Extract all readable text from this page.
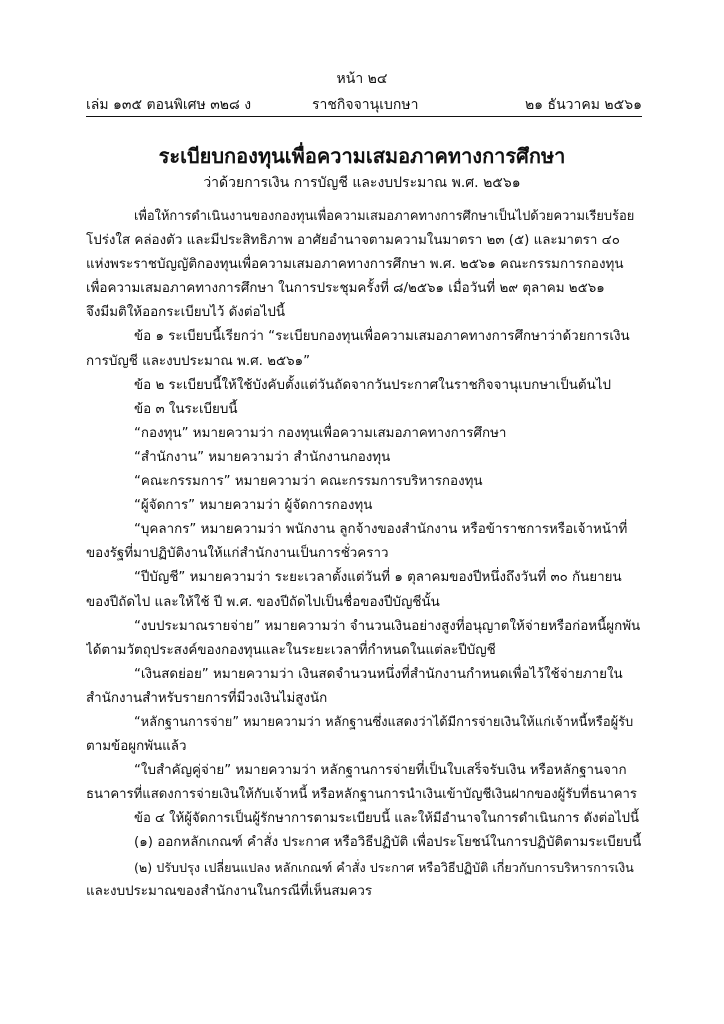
หน้า ๒๔
เล่ม ๑๓๕ ตอนพิเศษ ๓๒๘ ง	ราชกิจจานุเบกษา	๒๑ ธันวาคม ๒๕๖๑
ระเบียบกองทุนเพื่อความเสมอภาคทางการศึกษา
ว่าด้วยการเงิน การบัญชี และงบประมาณ พ.ศ. ๒๕๖๑
เพื่อให้การดำเนินงานของกองทุนเพื่อความเสมอภาคทางการศึกษาเป็นไปด้วยความเรียบร้อย
โปร่งใส คล่องตัว และมีประสิทธิภาพ อาศัยอำนาจตามความในมาตรา ๒๓ (๕) และมาตรา ๔๐
แห่งพระราชบัญญัติกองทุนเพื่อความเสมอภาคทางการศึกษา พ.ศ. ๒๕๖๑ คณะกรรมการกองทุน
เพื่อความเสมอภาคทางการศึกษา ในการประชุมครั้งที่ ๘/๒๕๖๑ เมื่อวันที่ ๒๙ ตุลาคม ๒๕๖๑
จึงมีมติให้ออกระเบียบไว้ ดังต่อไปนี้
ข้อ ๑ ระเบียบนี้เรียกว่า “ระเบียบกองทุนเพื่อความเสมอภาคทางการศึกษาว่าด้วยการเงิน
การบัญชี และงบประมาณ พ.ศ. ๒๕๖๑”
ข้อ ๒ ระเบียบนี้ให้ใช้บังคับตั้งแต่วันถัดจากวันประกาศในราชกิจจานุเบกษาเป็นต้นไป
ข้อ ๓ ในระเบียบนี้
“กองทุน” หมายความว่า กองทุนเพื่อความเสมอภาคทางการศึกษา
“สำนักงาน” หมายความว่า สำนักงานกองทุน
“คณะกรรมการ” หมายความว่า คณะกรรมการบริหารกองทุน
“ผู้จัดการ” หมายความว่า ผู้จัดการกองทุน
“บุคลากร” หมายความว่า พนักงาน ลูกจ้างของสำนักงาน หรือข้าราชการหรือเจ้าหน้าที่
ของรัฐที่มาปฏิบัติงานให้แก่สำนักงานเป็นการชั่วคราว
“ปีบัญชี” หมายความว่า ระยะเวลาตั้งแต่วันที่ ๑ ตุลาคมของปีหนึ่งถึงวันที่ ๓๐ กันยายน
ของปีถัดไป และให้ใช้ ปี พ.ศ. ของปีถัดไปเป็นชื่อของปีบัญชีนั้น
“งบประมาณรายจ่าย” หมายความว่า จำนวนเงินอย่างสูงที่อนุญาตให้จ่ายหรือก่อหนี้ผูกพัน
ได้ตามวัตถุประสงค์ของกองทุนและในระยะเวลาที่กำหนดในแต่ละปีบัญชี
“เงินสดย่อย” หมายความว่า เงินสดจำนวนหนึ่งที่สำนักงานกำหนดเพื่อไว้ใช้จ่ายภายใน
สำนักงานสำหรับรายการที่มีวงเงินไม่สูงนัก
“หลักฐานการจ่าย” หมายความว่า หลักฐานซึ่งแสดงว่าได้มีการจ่ายเงินให้แก่เจ้าหนี้หรือผู้รับ
ตามข้อผูกพันแล้ว
“ใบสำคัญคู่จ่าย” หมายความว่า หลักฐานการจ่ายที่เป็นใบเสร็จรับเงิน หรือหลักฐานจาก
ธนาคารที่แสดงการจ่ายเงินให้กับเจ้าหนี้ หรือหลักฐานการนำเงินเข้าบัญชีเงินฝากของผู้รับที่ธนาคาร
ข้อ ๔ ให้ผู้จัดการเป็นผู้รักษาการตามระเบียบนี้ และให้มีอำนาจในการดำเนินการ ดังต่อไปนี้
(๑) ออกหลักเกณฑ์ คำสั่ง ประกาศ หรือวิธีปฏิบัติ เพื่อประโยชน์ในการปฏิบัติตามระเบียบนี้
(๒) ปรับปรุง เปลี่ยนแปลง หลักเกณฑ์ คำสั่ง ประกาศ หรือวิธีปฏิบัติ เกี่ยวกับการบริหารการเงิน
และงบประมาณของสำนักงานในกรณีที่เห็นสมควร
